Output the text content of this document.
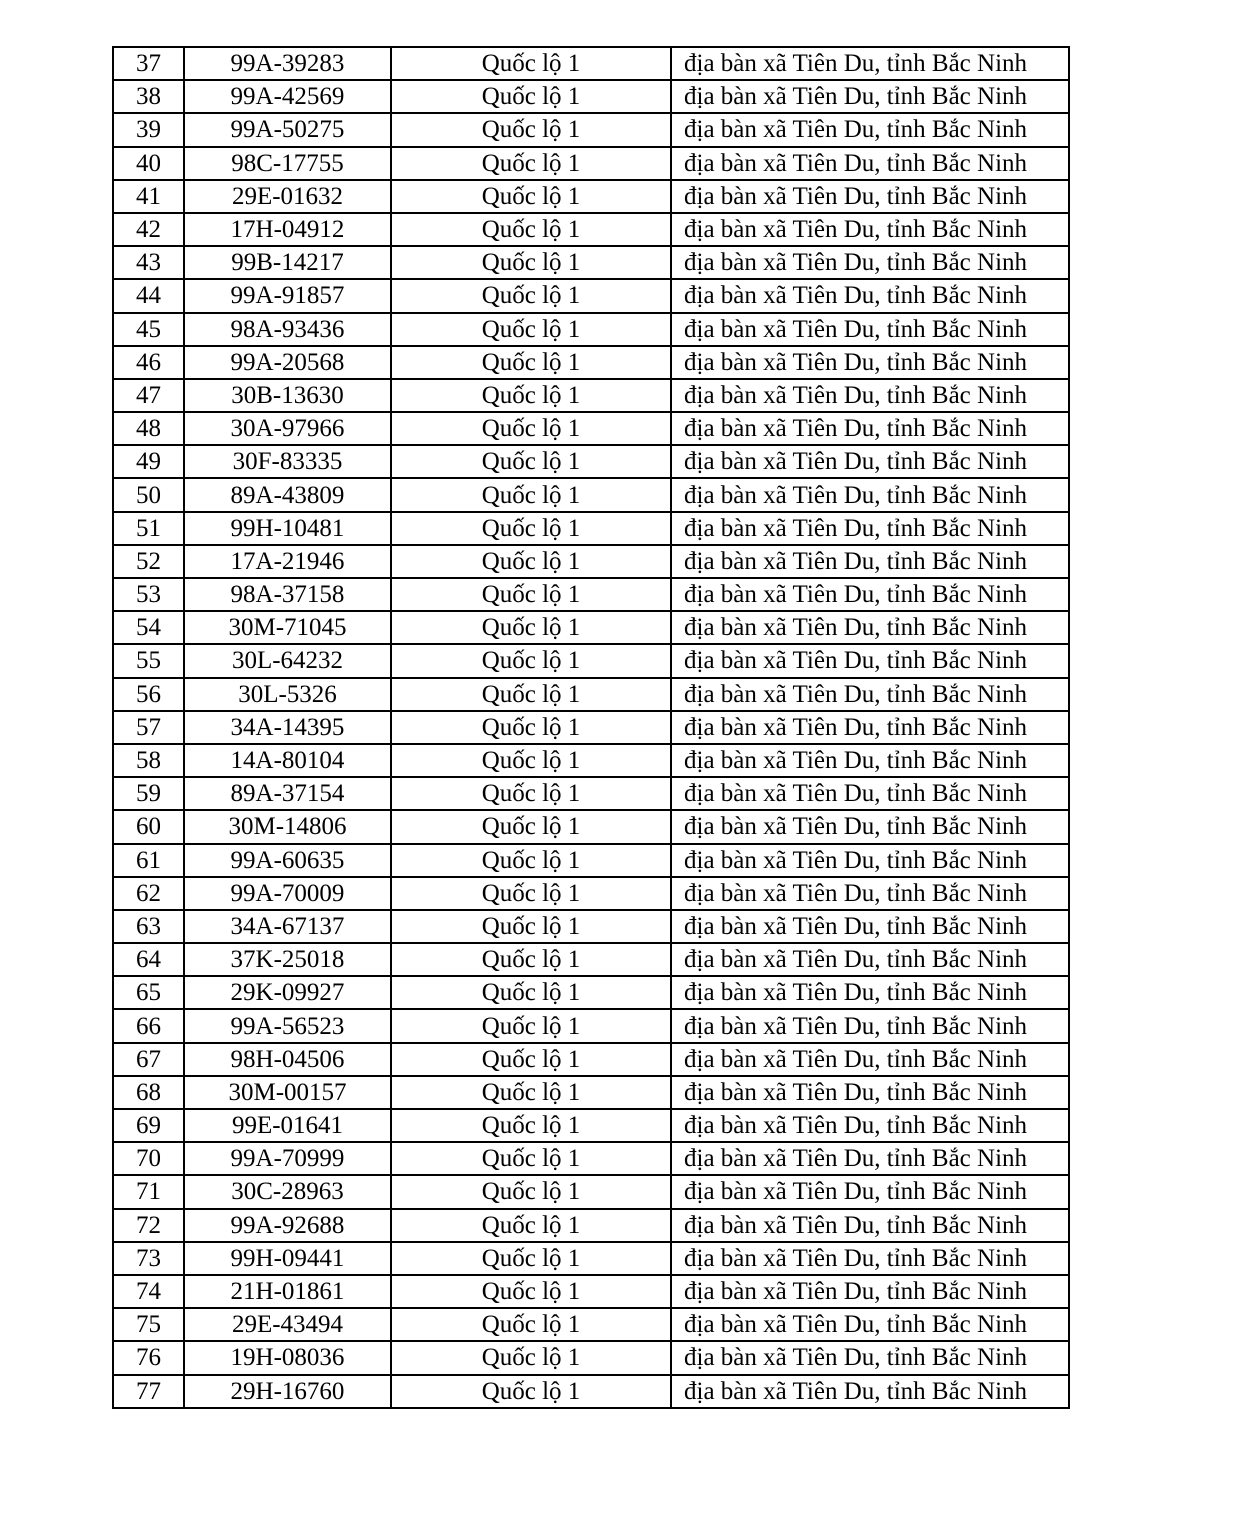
37	99A-39283	Quốc lộ 1	địa bàn xã Tiên Du, tỉnh Bắc Ninh
38	99A-42569	Quốc lộ 1	địa bàn xã Tiên Du, tỉnh Bắc Ninh
39	99A-50275	Quốc lộ 1	địa bàn xã Tiên Du, tỉnh Bắc Ninh
40	98C-17755	Quốc lộ 1	địa bàn xã Tiên Du, tỉnh Bắc Ninh
41	29E-01632	Quốc lộ 1	địa bàn xã Tiên Du, tỉnh Bắc Ninh
42	17H-04912	Quốc lộ 1	địa bàn xã Tiên Du, tỉnh Bắc Ninh
43	99B-14217	Quốc lộ 1	địa bàn xã Tiên Du, tỉnh Bắc Ninh
44	99A-91857	Quốc lộ 1	địa bàn xã Tiên Du, tỉnh Bắc Ninh
45	98A-93436	Quốc lộ 1	địa bàn xã Tiên Du, tỉnh Bắc Ninh
46	99A-20568	Quốc lộ 1	địa bàn xã Tiên Du, tỉnh Bắc Ninh
47	30B-13630	Quốc lộ 1	địa bàn xã Tiên Du, tỉnh Bắc Ninh
48	30A-97966	Quốc lộ 1	địa bàn xã Tiên Du, tỉnh Bắc Ninh
49	30F-83335	Quốc lộ 1	địa bàn xã Tiên Du, tỉnh Bắc Ninh
50	89A-43809	Quốc lộ 1	địa bàn xã Tiên Du, tỉnh Bắc Ninh
51	99H-10481	Quốc lộ 1	địa bàn xã Tiên Du, tỉnh Bắc Ninh
52	17A-21946	Quốc lộ 1	địa bàn xã Tiên Du, tỉnh Bắc Ninh
53	98A-37158	Quốc lộ 1	địa bàn xã Tiên Du, tỉnh Bắc Ninh
54	30M-71045	Quốc lộ 1	địa bàn xã Tiên Du, tỉnh Bắc Ninh
55	30L-64232	Quốc lộ 1	địa bàn xã Tiên Du, tỉnh Bắc Ninh
56	30L-5326	Quốc lộ 1	địa bàn xã Tiên Du, tỉnh Bắc Ninh
57	34A-14395	Quốc lộ 1	địa bàn xã Tiên Du, tỉnh Bắc Ninh
58	14A-80104	Quốc lộ 1	địa bàn xã Tiên Du, tỉnh Bắc Ninh
59	89A-37154	Quốc lộ 1	địa bàn xã Tiên Du, tỉnh Bắc Ninh
60	30M-14806	Quốc lộ 1	địa bàn xã Tiên Du, tỉnh Bắc Ninh
61	99A-60635	Quốc lộ 1	địa bàn xã Tiên Du, tỉnh Bắc Ninh
62	99A-70009	Quốc lộ 1	địa bàn xã Tiên Du, tỉnh Bắc Ninh
63	34A-67137	Quốc lộ 1	địa bàn xã Tiên Du, tỉnh Bắc Ninh
64	37K-25018	Quốc lộ 1	địa bàn xã Tiên Du, tỉnh Bắc Ninh
65	29K-09927	Quốc lộ 1	địa bàn xã Tiên Du, tỉnh Bắc Ninh
66	99A-56523	Quốc lộ 1	địa bàn xã Tiên Du, tỉnh Bắc Ninh
67	98H-04506	Quốc lộ 1	địa bàn xã Tiên Du, tỉnh Bắc Ninh
68	30M-00157	Quốc lộ 1	địa bàn xã Tiên Du, tỉnh Bắc Ninh
69	99E-01641	Quốc lộ 1	địa bàn xã Tiên Du, tỉnh Bắc Ninh
70	99A-70999	Quốc lộ 1	địa bàn xã Tiên Du, tỉnh Bắc Ninh
71	30C-28963	Quốc lộ 1	địa bàn xã Tiên Du, tỉnh Bắc Ninh
72	99A-92688	Quốc lộ 1	địa bàn xã Tiên Du, tỉnh Bắc Ninh
73	99H-09441	Quốc lộ 1	địa bàn xã Tiên Du, tỉnh Bắc Ninh
74	21H-01861	Quốc lộ 1	địa bàn xã Tiên Du, tỉnh Bắc Ninh
75	29E-43494	Quốc lộ 1	địa bàn xã Tiên Du, tỉnh Bắc Ninh
76	19H-08036	Quốc lộ 1	địa bàn xã Tiên Du, tỉnh Bắc Ninh
77	29H-16760	Quốc lộ 1	địa bàn xã Tiên Du, tỉnh Bắc Ninh
